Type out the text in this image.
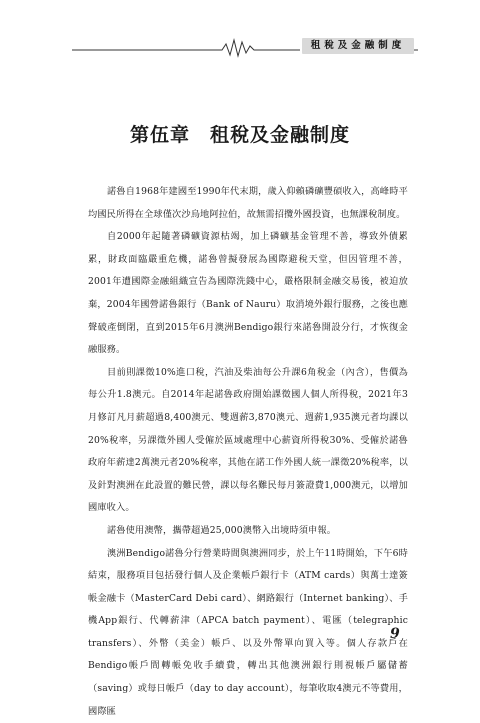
租稅及金融制度
第伍章　租稅及金融制度

諾魯自1968年建國至1990年代末期，歲入仰賴磷礦豐碩收入，高峰時平均國民所得在全球僅次沙烏地阿拉伯，故無需招攬外國投資，也無課稅制度。

自2000年起隨著磷礦資源枯竭，加上磷礦基金管理不善，導致外債累累，財政面臨嚴重危機，諾魯曾擬發展為國際避稅天堂，但因管理不善，2001年遭國際金融組織宣告為國際洗錢中心，嚴格限制金融交易後，被迫放棄，2004年國營諾魯銀行（Bank of Nauru）取消境外銀行服務，之後也應聲破產倒閉，直到2015年6月澳洲Bendigo銀行來諾魯開設分行，才恢復金融服務。

目前則課徵10%進口稅，汽油及柴油每公升課6角稅金（內含），售價為每公升1.8澳元。自2014年起諾魯政府開始課徵國人個人所得稅，2021年3月修訂凡月薪超過8,400澳元、雙週薪3,870澳元、週薪1,935澳元者均課以20%稅率，另課徵外國人受僱於區域處理中心薪資所得稅30%、受僱於諾魯政府年薪達2萬澳元者20%稅率，其他在諾工作外國人統一課徵20%稅率，以及針對澳洲在此設置的難民營，課以每名難民每月簽證費1,000澳元，以增加國庫收入。

諾魯使用澳幣，攜帶超過25,000澳幣入出境時須申報。

澳洲Bendigo諾魯分行營業時間與澳洲同步，於上午11時開始，下午6時結束，服務項目包括發行個人及企業帳戶銀行卡（ATM cards）與萬士達簽帳金融卡（MasterCard Debi card）、網路銀行（Internet banking）、手機App銀行、代轉薪津（APCA batch payment）、電匯（telegraphic transfers）、外幣（美金）帳戶、以及外幣單向買入等。個人存款戶在Bendigo帳戶間轉帳免收手續費，轉出其他澳洲銀行則視帳戶屬儲蓄（saving）或每日帳戶（day to day account），每筆收取4澳元不等費用，國際匯

9
